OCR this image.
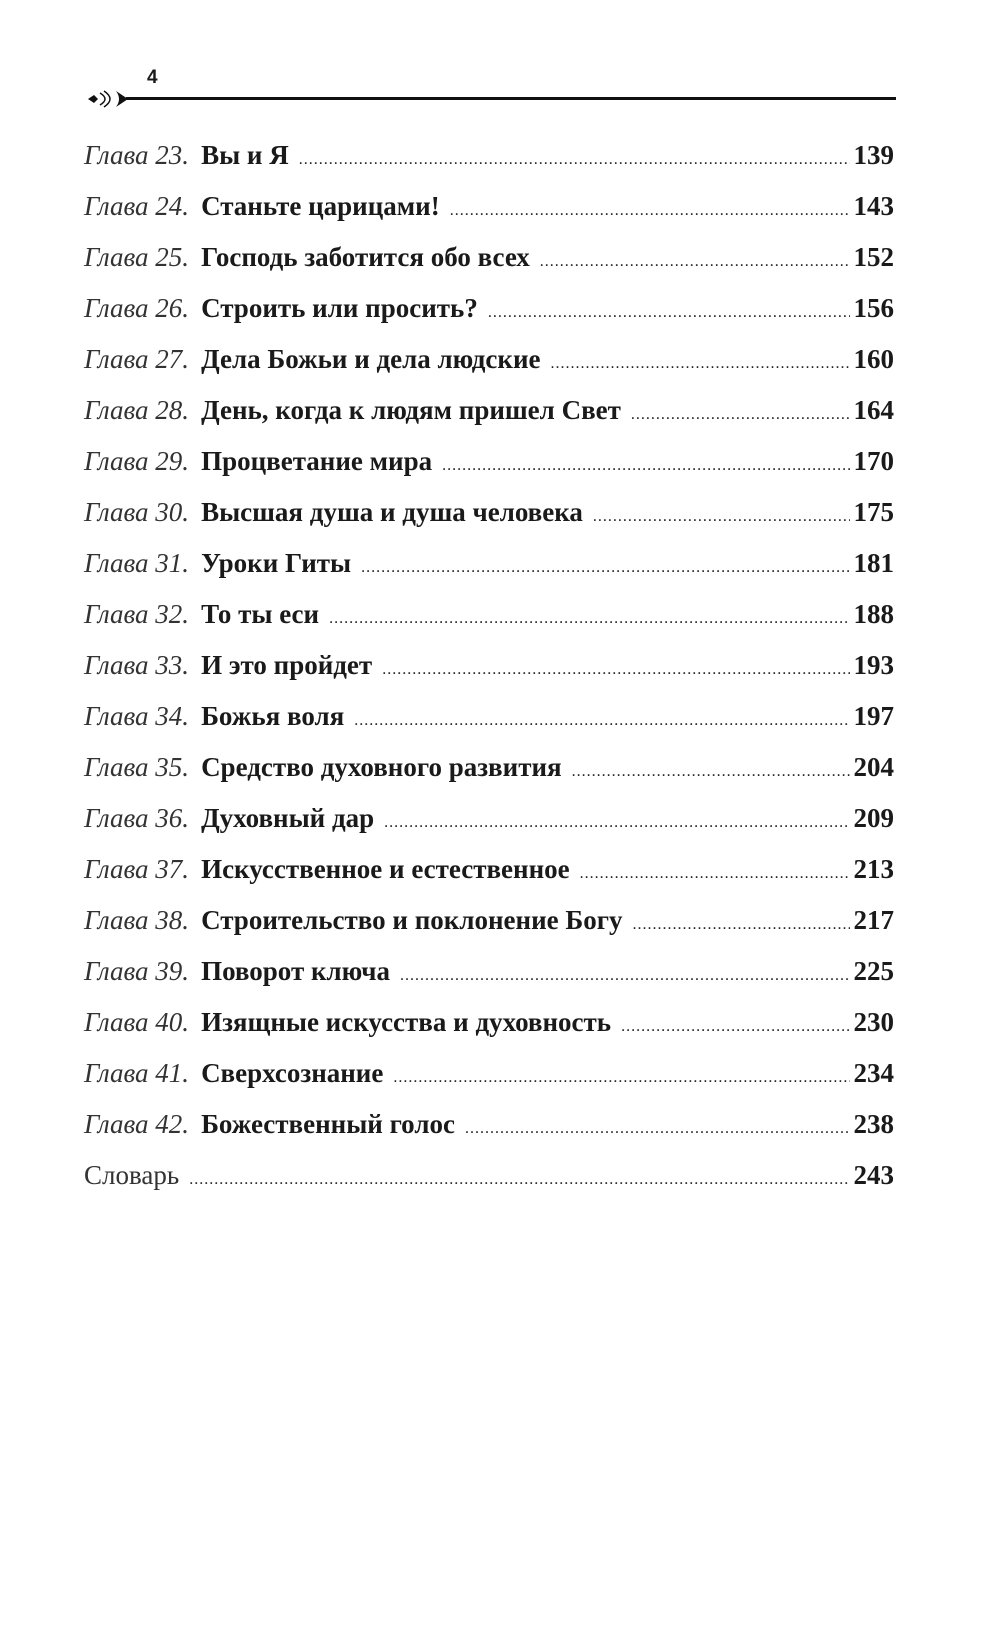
4
Глава 23. Вы и Я .....	139
Глава 24. Станьте царицами! .....	143
Глава 25. Господь заботится обо всех .....	152
Глава 26. Строить или просить? .....	156
Глава 27. Дела Божьи и дела людские .....	160
Глава 28. День, когда к людям пришел Свет .....	164
Глава 29. Процветание мира .....	170
Глава 30. Высшая душа и душа человека .....	175
Глава 31. Уроки Гиты .....	181
Глава 32. То ты еси .....	188
Глава 33. И это пройдет .....	193
Глава 34. Божья воля .....	197
Глава 35. Средство духовного развития .....	204
Глава 36. Духовный дар .....	209
Глава 37. Искусственное и естественное .....	213
Глава 38. Строительство и поклонение Богу .....	217
Глава 39. Поворот ключа .....	225
Глава 40. Изящные искусства и духовность .....	230
Глава 41. Сверхсознание .....	234
Глава 42. Божественный голос .....	238
Словарь .....	243
